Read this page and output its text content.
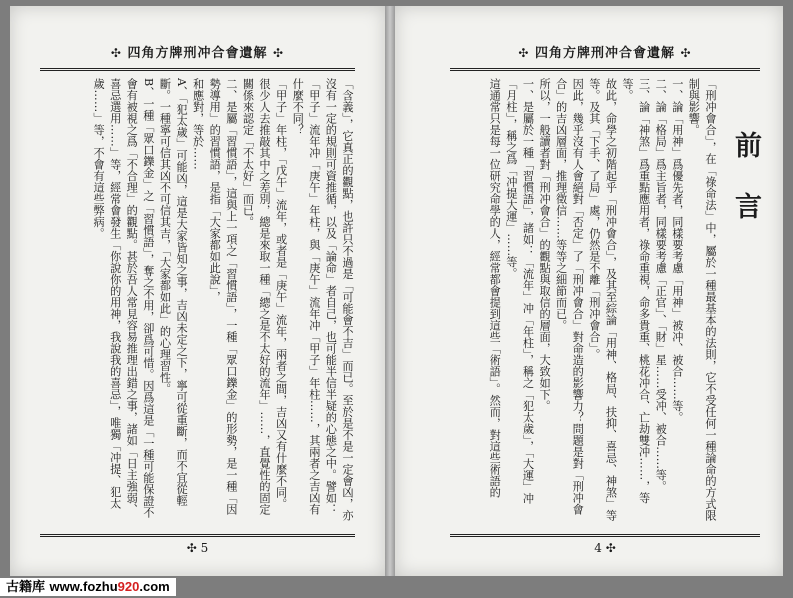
✣ 四角方牌刑冲合會遺解 ✣

「含義」，它真正的觀點，也許只不過是「可能會不吉」而已。至於是不是一定會凶，亦沒有一定的規則可資推循，以及「論命」者自己，也可能半信半疑的心態之中。譬如：

「甲子」流年冲「庚午」年柱，與「庚午」流年冲「甲子」年柱……，其兩者之吉凶有什麼不同？

「甲子」年柱，「戊午」流年，或者是「庚午」流年，兩者之間，吉凶又有什麼不同。

很少人去推敲其中之差別，總是來取一種「總之是不太好的流年」……，直覺性的固定關係來認定「不太好」而已。

二、是屬「習慣語」，這與上一項之「習慣語」，一種「眾口鑠金」的形勢，是一種「因勢導用」的習慣語，是指「大家都如此說」，

和應對，等於……

A、「犯太歲」可能凶，這是大家皆知之事，吉凶未定之下，寧可從重斷，而不宜從輕斷。一種寧可信其凶不可信其吉，「大家都如此」的心理習性。

B、一種「眾口鑠金」之「習慣語」，奪之不用，卻爲可惜。因爲這是「一種可能保證不會有被視之爲「不合理」的觀點。甚於吾人常見容易推理出錯之事，諸如「日主強弱、喜忌選用……」等，經常會發生「你說你的用神，我說我的喜忌」，唯獨「冲提、犯太歲……」等，不會有這些弊病。

✣ 5
✣ 四角方牌刑冲合會遺解 ✣
前言

「刑冲會合」，在「祿命法」中，屬於一種最基本的法則，它不受任何一種論命的方式限制與影響。

一、論「用神」爲優先者，同樣要考慮「用神」被冲、被合……等。

二、論「格局」爲主旨者，同樣要考慮「正官」、「財」星……受冲、被合……等。

三、論「神煞」爲重點應用者，祿命重視，命多貴重、桃花冲合、亡劫雙冲……，等等。

故此，命學之初階起乎「刑冲會合」，及其至綜論「用神、格局、扶抑、喜忌、神煞」等等。及其「下手、了局」處，仍然是不離「刑冲會合」。

因此，幾乎沒有人會絕對「否定」了「刑冲會合」對命造的影響力？問題是對「刑冲會合」的吉凶層面，推理徵信……等等之細節而已。

所以，一般讀者對「刑冲會合」的觀點與取信的層面，大致如下。

一、是屬於一種「習慣語」，諸如：「流年」冲「年柱」，稱之「犯太歲」，「大運」冲「月柱」，稱之爲「冲提大運」……等。

這通常只是每一位研究命學的人，經常都會提到這些「術語」。然而，對這些術語的

4 ✣
古籍库 www.fozhu920.com
